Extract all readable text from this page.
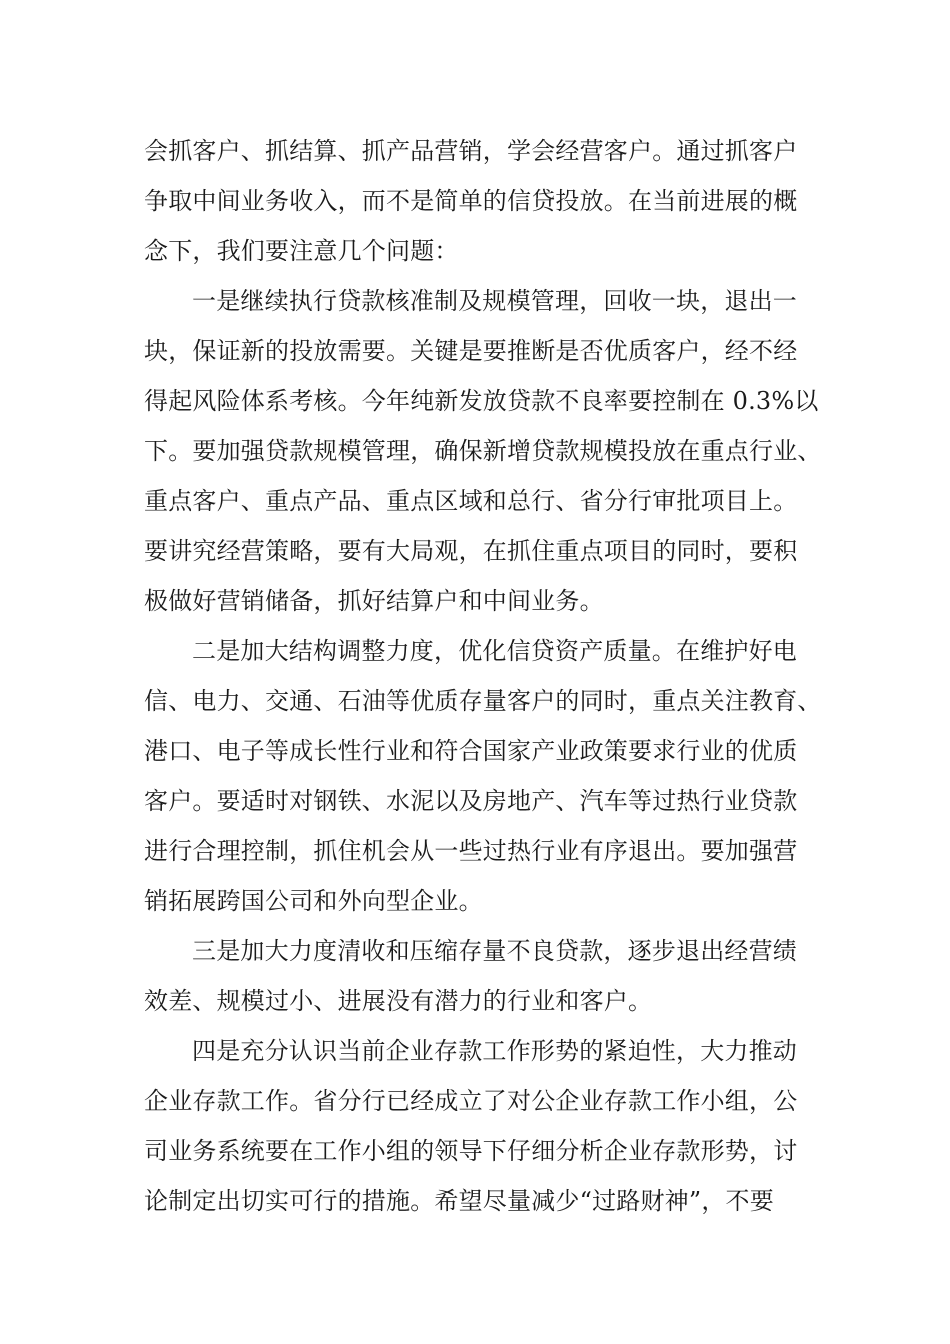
会抓客户、抓结算、抓产品营销，学会经营客户。通过抓客户
争取中间业务收入，而不是简单的信贷投放。在当前进展的概
念下，我们要注意几个问题：
一是继续执行贷款核准制及规模管理，回收一块，退出一
块，保证新的投放需要。关键是要推断是否优质客户，经不经
得起风险体系考核。今年纯新发放贷款不良率要控制在 0.3%以
下。要加强贷款规模管理，确保新增贷款规模投放在重点行业、
重点客户、重点产品、重点区域和总行、省分行审批项目上。
要讲究经营策略，要有大局观，在抓住重点项目的同时，要积
极做好营销储备，抓好结算户和中间业务。
二是加大结构调整力度，优化信贷资产质量。在维护好电
信、电力、交通、石油等优质存量客户的同时，重点关注教育、
港口、电子等成长性行业和符合国家产业政策要求行业的优质
客户。要适时对钢铁、水泥以及房地产、汽车等过热行业贷款
进行合理控制，抓住机会从一些过热行业有序退出。要加强营
销拓展跨国公司和外向型企业。
三是加大力度清收和压缩存量不良贷款，逐步退出经营绩
效差、规模过小、进展没有潜力的行业和客户。
四是充分认识当前企业存款工作形势的紧迫性，大力推动
企业存款工作。省分行已经成立了对公企业存款工作小组，公
司业务系统要在工作小组的领导下仔细分析企业存款形势，讨
论制定出切实可行的措施。希望尽量减少“过路财神”，不要
